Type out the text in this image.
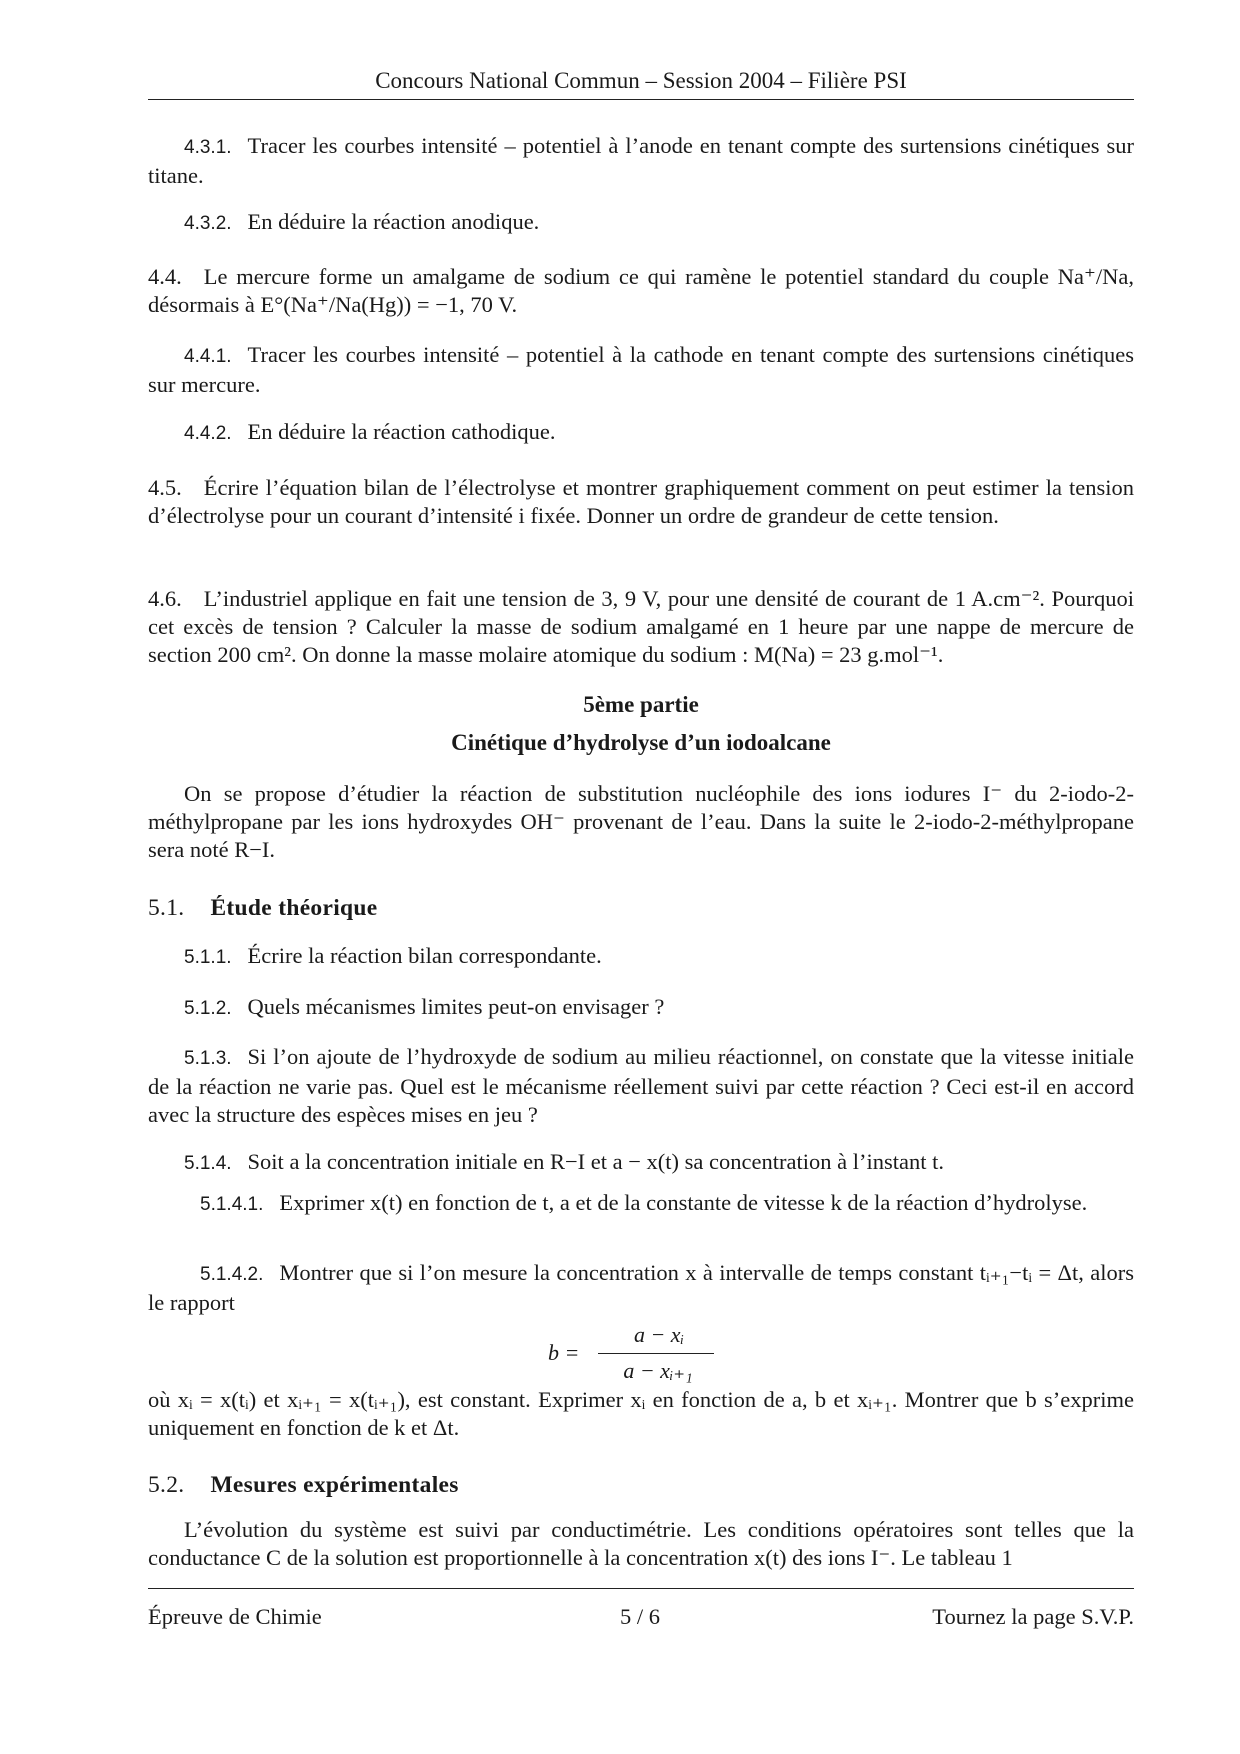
Concours National Commun – Session 2004 – Filière PSI
4.3.1. Tracer les courbes intensité – potentiel à l’anode en tenant compte des surtensions cinétiques sur titane.
4.3.2. En déduire la réaction anodique.
4.4. Le mercure forme un amalgame de sodium ce qui ramène le potentiel standard du couple Na⁺/Na, désormais à E°(Na⁺/Na(Hg)) = −1, 70 V.
4.4.1. Tracer les courbes intensité – potentiel à la cathode en tenant compte des surtensions cinétiques sur mercure.
4.4.2. En déduire la réaction cathodique.
4.5. Écrire l’équation bilan de l’électrolyse et montrer graphiquement comment on peut estimer la tension d’électrolyse pour un courant d’intensité i fixée. Donner un ordre de grandeur de cette tension.
4.6. L’industriel applique en fait une tension de 3, 9 V, pour une densité de courant de 1 A.cm⁻². Pourquoi cet excès de tension ? Calculer la masse de sodium amalgamé en 1 heure par une nappe de mercure de section 200 cm². On donne la masse molaire atomique du sodium : M(Na) = 23 g.mol⁻¹.
5ème partie
Cinétique d’hydrolyse d’un iodoalcane
On se propose d’étudier la réaction de substitution nucléophile des ions iodures I⁻ du 2-iodo-2-méthylpropane par les ions hydroxydes OH⁻ provenant de l’eau. Dans la suite le 2-iodo-2-méthylpropane sera noté R−I.
5.1. Étude théorique
5.1.1. Écrire la réaction bilan correspondante.
5.1.2. Quels mécanismes limites peut-on envisager ?
5.1.3. Si l’on ajoute de l’hydroxyde de sodium au milieu réactionnel, on constate que la vitesse initiale de la réaction ne varie pas. Quel est le mécanisme réellement suivi par cette réaction ? Ceci est-il en accord avec la structure des espèces mises en jeu ?
5.1.4. Soit a la concentration initiale en R−I et a − x(t) sa concentration à l’instant t.
5.1.4.1. Exprimer x(t) en fonction de t, a et de la constante de vitesse k de la réaction d’hydrolyse.
5.1.4.2. Montrer que si l’on mesure la concentration x à intervalle de temps constant tᵢ₊₁−tᵢ = Δt, alors le rapport
b =
a − xᵢ
a − xᵢ₊₁
où xᵢ = x(tᵢ) et xᵢ₊₁ = x(tᵢ₊₁), est constant. Exprimer xᵢ en fonction de a, b et xᵢ₊₁. Montrer que b s’exprime uniquement en fonction de k et Δt.
5.2. Mesures expérimentales
L’évolution du système est suivi par conductimétrie. Les conditions opératoires sont telles que la conductance C de la solution est proportionnelle à la concentration x(t) des ions I⁻. Le tableau 1
Épreuve de Chimie	5 / 6	Tournez la page S.V.P.
